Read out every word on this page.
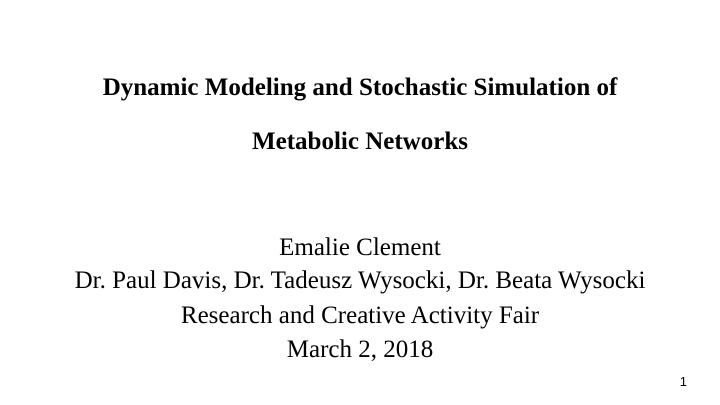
Dynamic Modeling and Stochastic Simulation of
Metabolic Networks
Emalie Clement
Dr. Paul Davis, Dr. Tadeusz Wysocki, Dr. Beata Wysocki
Research and Creative Activity Fair
March 2, 2018
1
